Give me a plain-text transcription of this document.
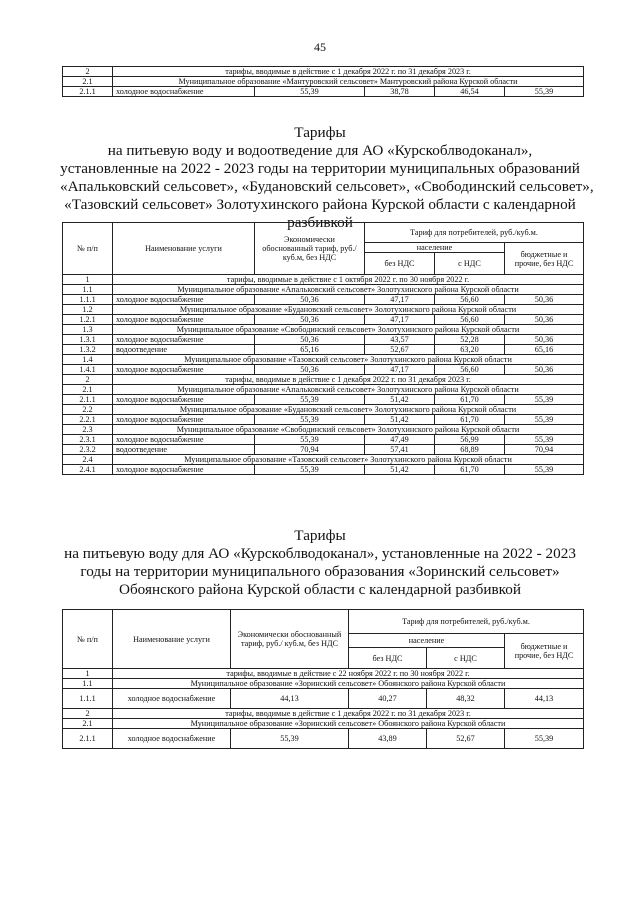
45
2	тарифы, вводимые в действие с 1 декабря 2022 г. по 31 декабря 2023 г.				
2.1	Муниципальное образование «Мантуровский сельсовет» Мантуровский района Курской области				
2.1.1	холодное водоснабжение	55,39	38,78	46,54	55,39
Тарифы
на питьевую воду и водоотведение для АО «Курскоблводоканал»,
установленные на 2022 - 2023 годы на территории муниципальных образований
«Апальковский сельсовет», «Будановский сельсовет», «Свободинский сельсовет»,
«Тазовский сельсовет» Золотухинского района Курской области с календарной
разбивкой
№ п/п	Наименование услуги	Экономически обоснованный тариф, руб./ куб.м, без НДС	Тариф для потребителей, руб./куб.м.		
			население		бюджетные и прочие, без НДС
			без НДС	с НДС	
1	тарифы, вводимые в действие с 1 октября 2022 г. по 30 ноября 2022 г.				
1.1	Муниципальное образование «Апальковский сельсовет» Золотухинского района Курской области				
1.1.1	холодное водоснабжение	50,36	47,17	56,60	50,36
1.2	Муниципальное образование «Будановский сельсовет» Золотухинского района Курской области				
1.2.1	холодное водоснабжение	50,36	47,17	56,60	50,36
1.3	Муниципальное образование «Свободинский сельсовет» Золотухинского района Курской области				
1.3.1	холодное водоснабжение	50,36	43,57	52,28	50,36
1.3.2	водоотведение	65,16	52,67	63,20	65,16
1.4	Муниципальное образование «Тазовский сельсовет» Золотухинского района Курской области				
1.4.1	холодное водоснабжение	50,36	47,17	56,60	50,36
2	тарифы, вводимые в действие с 1 декабря 2022 г. по 31 декабря 2023 г.				
2.1	Муниципальное образование «Апальковский сельсовет» Золотухинского района Курской области				
2.1.1	холодное водоснабжение	55,39	51,42	61,70	55,39
2.2	Муниципальное образование «Будановский сельсовет» Золотухинского района Курской области				
2.2.1	холодное водоснабжение	55,39	51,42	61,70	55,39
2.3	Муниципальное образование «Свободинский сельсовет» Золотухинского района Курской области				
2.3.1	холодное водоснабжение	55,39	47,49	56,99	55,39
2.3.2	водоотведение	70,94	57,41	68,89	70,94
2.4	Муниципальное образование «Тазовский сельсовет» Золотухинского района Курской области				
2.4.1	холодное водоснабжение	55,39	51,42	61,70	55,39
Тарифы
на питьевую воду для АО «Курскоблводоканал», установленные на 2022 - 2023
годы на территории муниципального образования «Зоринский сельсовет»
Обоянского района Курской области с календарной разбивкой
№ п/п	Наименование услуги	Экономически обоснованный тариф, руб./ куб.м, без НДС	Тариф для потребителей, руб./куб.м.		
			население		бюджетные и прочие, без НДС
			без НДС	с НДС	
1	тарифы, вводимые в действие с 22 ноября 2022 г. по 30 ноября 2022 г.				
1.1	Муниципальное образование «Зоринский сельсовет» Обоянского района Курской области				
1.1.1	холодное водоснабжение	44,13	40,27	48,32	44,13
2	тарифы, вводимые в действие с 1 декабря 2022 г. по 31 декабря 2023 г.				
2.1	Муниципальное образование «Зоринский сельсовет» Обоянского района Курской области				
2.1.1	холодное водоснабжение	55,39	43,89	52,67	55,39
